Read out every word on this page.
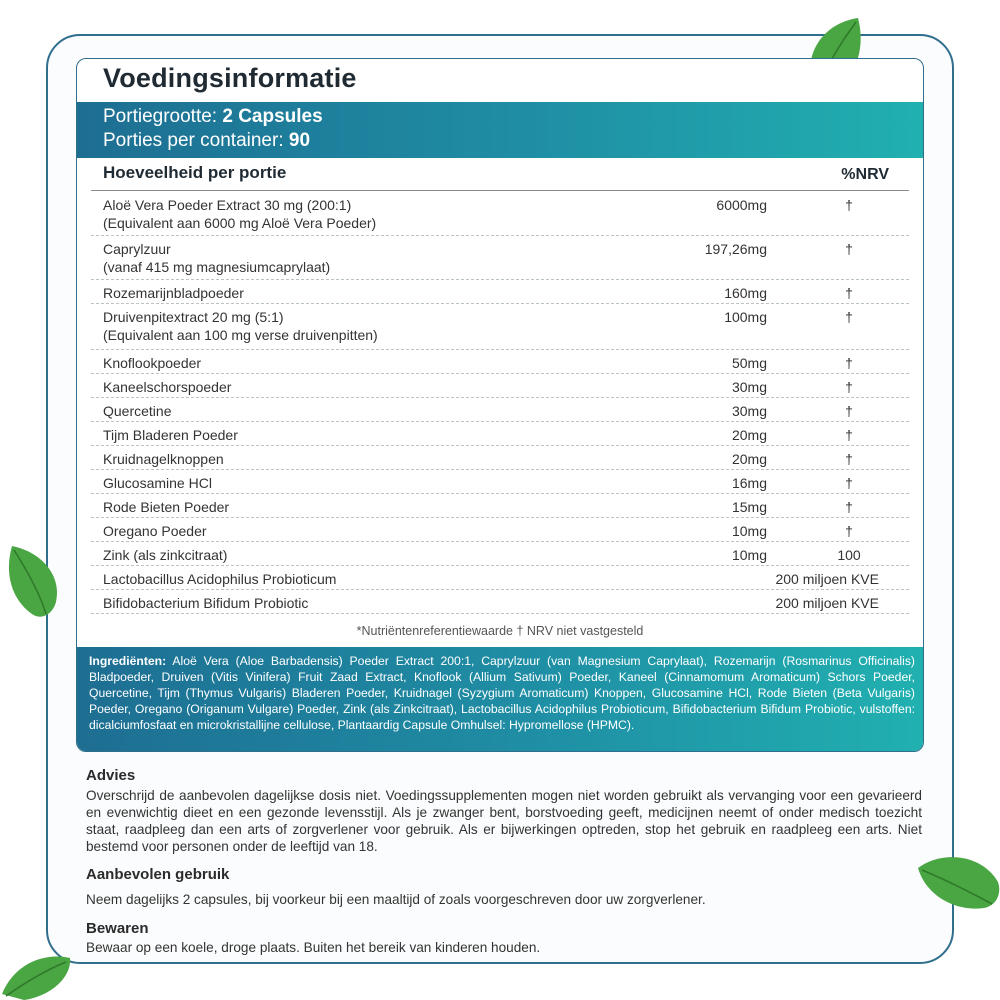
Voedingsinformatie
Portiegrootte: 2 Capsules
Porties per container: 90
Hoeveelheid per portie	%NRV
Aloë Vera Poeder Extract 30 mg (200:1)
(Equivalent aan 6000 mg Aloë Vera Poeder)
6000mg	†
Caprylzuur
(vanaf 415 mg magnesiumcaprylaat)
197,26mg	†
Rozemarijnbladpoeder	160mg	†
Druivenpitextract 20 mg (5:1)
(Equivalent aan 100 mg verse druivenpitten)
100mg	†
Knoflookpoeder	50mg	†
Kaneelschorspoeder	30mg	†
Quercetine	30mg	†
Tijm Bladeren Poeder	20mg	†
Kruidnagelknoppen	20mg	†
Glucosamine HCl	16mg	†
Rode Bieten Poeder	15mg	†
Oregano Poeder	10mg	†
Zink (als zinkcitraat)	10mg	100
Lactobacillus Acidophilus Probioticum	200 miljoen KVE
Bifidobacterium Bifidum Probiotic	200 miljoen KVE
*Nutriëntenreferentiewaarde † NRV niet vastgesteld
Ingrediënten: Aloë Vera (Aloe Barbadensis) Poeder Extract 200:1, Caprylzuur (van Magnesium Caprylaat), Rozemarijn (Rosmarinus Officinalis) Bladpoeder, Druiven (Vitis Vinifera) Fruit Zaad Extract, Knoflook (Allium Sativum) Poeder, Kaneel (Cinnamomum Aromaticum) Schors Poeder, Quercetine, Tijm (Thymus Vulgaris) Bladeren Poeder, Kruidnagel (Syzygium Aromaticum) Knoppen, Glucosamine HCl, Rode Bieten (Beta Vulgaris) Poeder, Oregano (Origanum Vulgare) Poeder, Zink (als Zinkcitraat), Lactobacillus Acidophilus Probioticum, Bifidobacterium Bifidum Probiotic, vulstoffen: dicalciumfosfaat en microkristallijne cellulose, Plantaardig Capsule Omhulsel: Hypromellose (HPMC).
Advies

Overschrijd de aanbevolen dagelijkse dosis niet. Voedingssupplementen mogen niet worden gebruikt als vervanging voor een gevarieerd en evenwichtig dieet en een gezonde levensstijl. Als je zwanger bent, borstvoeding geeft, medicijnen neemt of onder medisch toezicht staat, raadpleeg dan een arts of zorgverlener voor gebruik. Als er bijwerkingen optreden, stop het gebruik en raadpleeg een arts. Niet bestemd voor personen onder de leeftijd van 18.

Aanbevolen gebruik

Neem dagelijks 2 capsules, bij voorkeur bij een maaltijd of zoals voorgeschreven door uw zorgverlener.

Bewaren

Bewaar op een koele, droge plaats. Buiten het bereik van kinderen houden.
